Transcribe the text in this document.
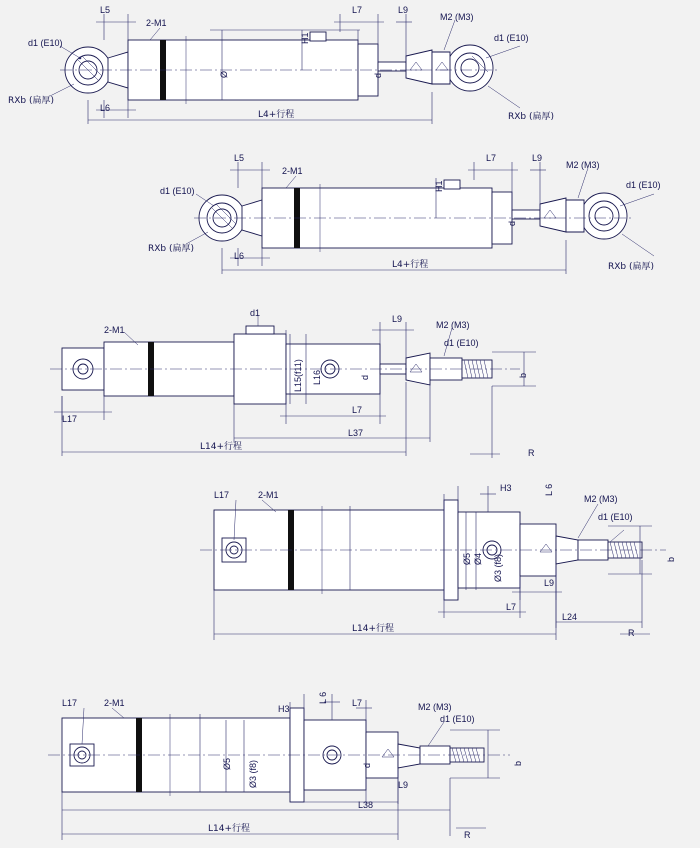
L5
2-M1
L7	L9
M2 (M3)
d1 (E10)	d1 (E10)
H1
d
Ø
RXb (扁厚)
RXb (扁厚)
L6
L4+行程
L5
2-M1
L7	L9
M2 (M3)
d1 (E10)
d1 (E10)
H1
d
RXb (扁厚)
RXb (扁厚)
L6
L4+行程
d1
2-M1
L9
M2 (M3)
d1 (E10)
L15(f11) L16	d	b
L17
L7
L37
L14+行程
R
L17	2-M1
H3	L 6
M2 (M3)
d1 (E10)
Ø4
Ø5 Ø3 (f8)	b
L9
L7
L24
L14+行程	R
L17	2-M1
H3
L 6	L7	M2 (M3)
d1 (E10)
Ø5 Ø3 (f8)	d	b
L9
L38
L14+行程
R
